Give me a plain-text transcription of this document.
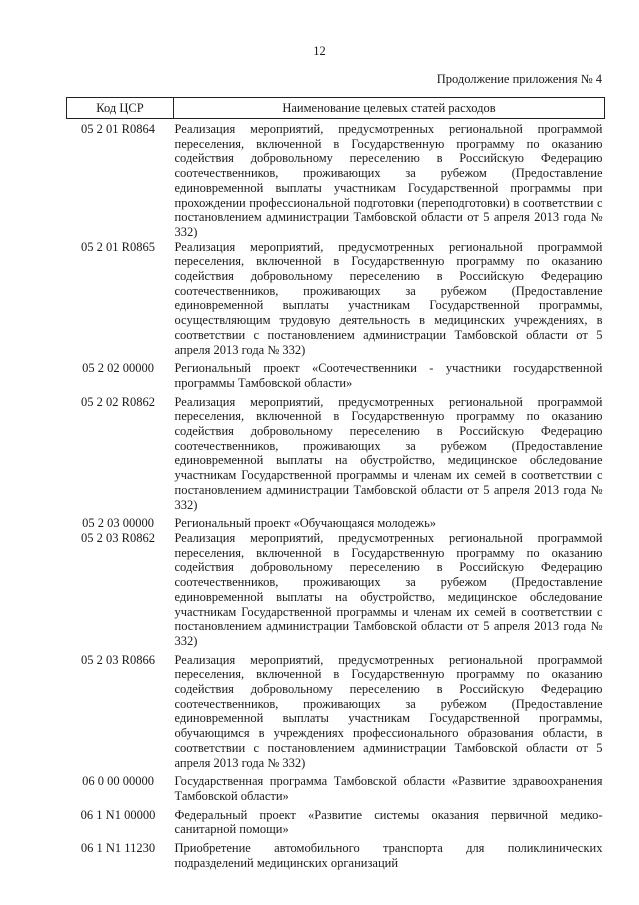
12
Продолжение приложения № 4
Код ЦСР	Наименование целевых статей расходов
05 2 01 R0864	Реализация мероприятий, предусмотренных региональной программой переселения, включенной в Государственную программу по оказанию содействия добровольному переселению в Российскую Федерацию соотечественников, проживающих за рубежом (Предоставление единовременной выплаты участникам Государственной программы при прохождении профессиональной подготовки (переподготовки) в соответствии с постановлением администрации Тамбовской области от 5 апреля 2013 года № 332)
05 2 01 R0865	Реализация мероприятий, предусмотренных региональной программой переселения, включенной в Государственную программу по оказанию содействия добровольному переселению в Российскую Федерацию соотечественников, проживающих за рубежом (Предоставление единовременной выплаты участникам Государственной программы, осуществляющим трудовую деятельность в медицинских учреждениях, в соответствии с постановлением администрации Тамбовской области от 5 апреля 2013 года № 332)
05 2 02 00000	Региональный проект «Соотечественники - участники государственной программы Тамбовской области»
05 2 02 R0862	Реализация мероприятий, предусмотренных региональной программой переселения, включенной в Государственную программу по оказанию содействия добровольному переселению в Российскую Федерацию соотечественников, проживающих за рубежом (Предоставление единовременной выплаты на обустройство, медицинское обследование участникам Государственной программы и членам их семей в соответствии с постановлением администрации Тамбовской области от 5 апреля 2013 года № 332)
05 2 03 00000	Региональный проект «Обучающаяся молодежь»
05 2 03 R0862	Реализация мероприятий, предусмотренных региональной программой переселения, включенной в Государственную программу по оказанию содействия добровольному переселению в Российскую Федерацию соотечественников, проживающих за рубежом (Предоставление единовременной выплаты на обустройство, медицинское обследование участникам Государственной программы и членам их семей в соответствии с постановлением администрации Тамбовской области от 5 апреля 2013 года № 332)
05 2 03 R0866	Реализация мероприятий, предусмотренных региональной программой переселения, включенной в Государственную программу по оказанию содействия добровольному переселению в Российскую Федерацию соотечественников, проживающих за рубежом (Предоставление единовременной выплаты участникам Государственной программы, обучающимся в учреждениях профессионального образования области, в соответствии с постановлением администрации Тамбовской области от 5 апреля 2013 года № 332)
06 0 00 00000	Государственная программа Тамбовской области «Развитие здравоохранения Тамбовской области»
06 1 N1 00000	Федеральный проект «Развитие системы оказания первичной медико-санитарной помощи»
06 1 N1 11230	Приобретение автомобильного транспорта для поликлинических подразделений медицинских организаций
